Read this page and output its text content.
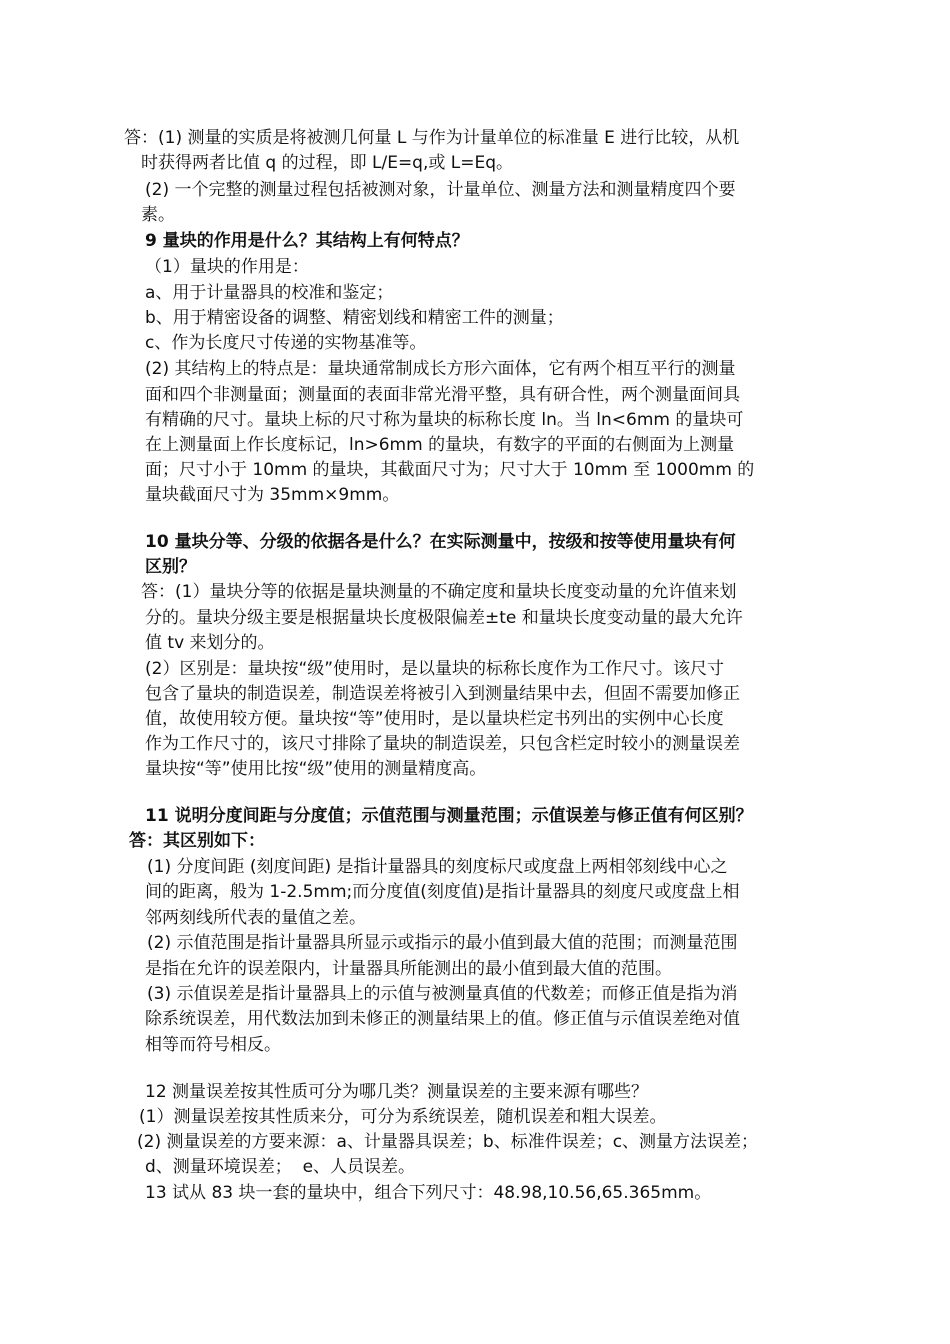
答：(1) 测量的实质是将被测几何量 L 与作为计量单位的标准量 E 进行比较，从机
时获得两者比值 q 的过程，即 L/E=q,或 L=Eq。
(2) 一个完整的测量过程包括被测对象，计量单位、测量方法和测量精度四个要
素。
9 量块的作用是什么？其结构上有何特点？
（1）量块的作用是：
a、用于计量器具的校准和鉴定；
b、用于精密设备的调整、精密划线和精密工件的测量；
c、作为长度尺寸传递的实物基准等。
(2) 其结构上的特点是：量块通常制成长方形六面体，它有两个相互平行的测量
面和四个非测量面；测量面的表面非常光滑平整，具有研合性，两个测量面间具
有精确的尺寸。量块上标的尺寸称为量块的标称长度 ln。当 ln<6mm 的量块可
在上测量面上作长度标记，ln>6mm 的量块，有数字的平面的右侧面为上测量
面；尺寸小于 10mm 的量块，其截面尺寸为；尺寸大于 10mm 至 1000mm 的
量块截面尺寸为 35mm×9mm。
10 量块分等、分级的依据各是什么？在实际测量中，按级和按等使用量块有何
区别？
答：(1）量块分等的依据是量块测量的不确定度和量块长度变动量的允许值来划
分的。量块分级主要是根据量块长度极限偏差±te 和量块长度变动量的最大允许
值 tv 来划分的。
(2）区别是：量块按“级”使用时，是以量块的标称长度作为工作尺寸。该尺寸
包含了量块的制造误差，制造误差将被引入到测量结果中去，但固不需要加修正
值，故使用较方便。量块按“等”使用时，是以量块栏定书列出的实例中心长度
作为工作尺寸的，该尺寸排除了量块的制造误差，只包含栏定时较小的测量误差
量块按“等”使用比按“级”使用的测量精度高。
11 说明分度间距与分度值；示值范围与测量范围；示值误差与修正值有何区别？
答：其区别如下：
(1) 分度间距 (刻度间距) 是指计量器具的刻度标尺或度盘上两相邻刻线中心之
间的距离，般为 1-2.5mm;而分度值(刻度值)是指计量器具的刻度尺或度盘上相
邻两刻线所代表的量值之差。
(2) 示值范围是指计量器具所显示或指示的最小值到最大值的范围；而测量范围
是指在允许的误差限内，计量器具所能测出的最小值到最大值的范围。
(3) 示值误差是指计量器具上的示值与被测量真值的代数差；而修正值是指为消
除系统误差，用代数法加到未修正的测量结果上的值。修正值与示值误差绝对值
相等而符号相反。
12 测量误差按其性质可分为哪几类？测量误差的主要来源有哪些？
(1）测量误差按其性质来分，可分为系统误差，随机误差和粗大误差。
(2) 测量误差的方要来源：a、计量器具误差；b、标准件误差；c、测量方法误差；
d、测量环境误差；  e、人员误差。
13 试从 83 块一套的量块中，组合下列尺寸：48.98,10.56,65.365mm。
